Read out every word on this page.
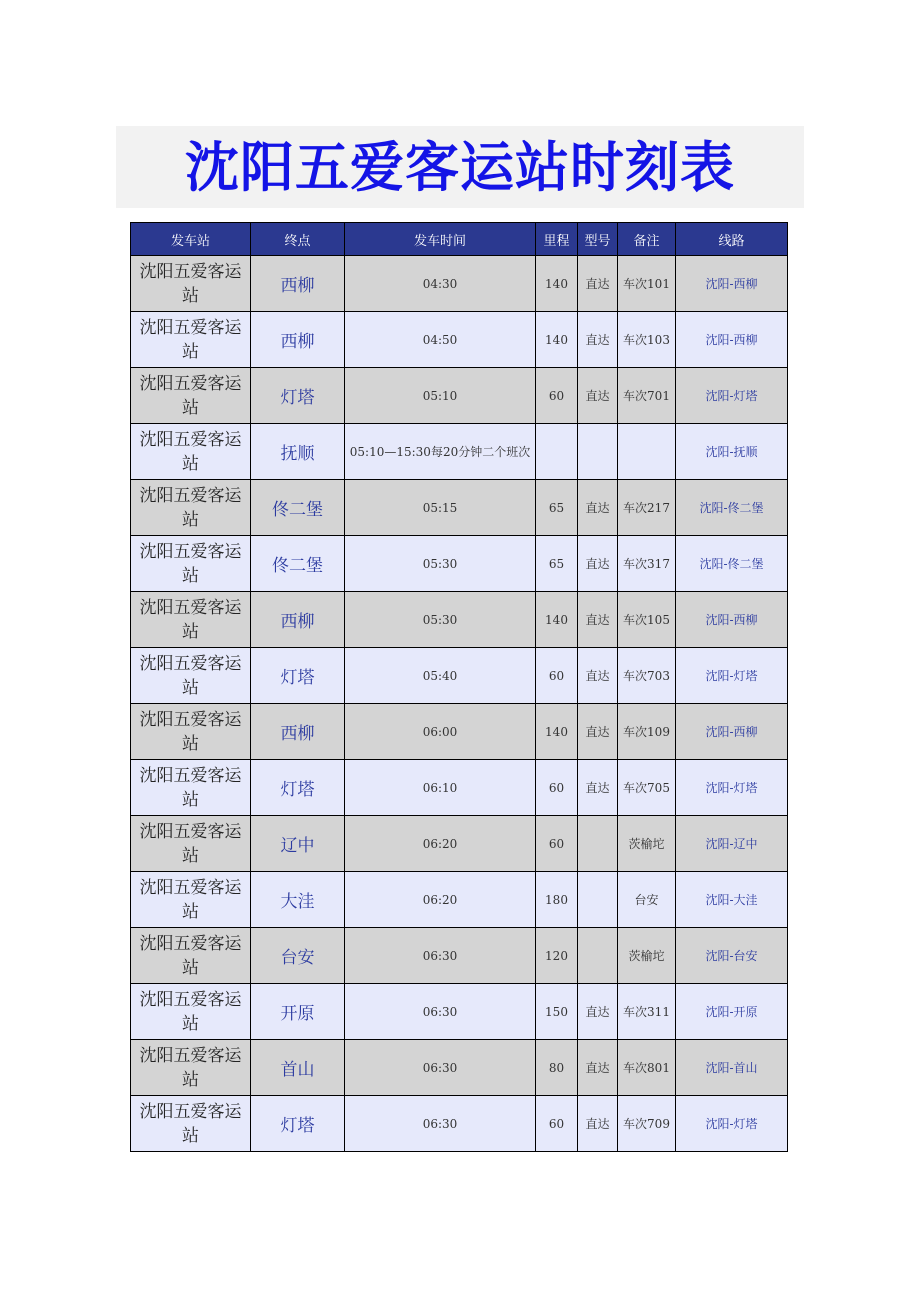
沈阳五爱客运站时刻表
发车站	终点	发车时间	里程	型号	备注	线路
沈阳五爱客运站	西柳	04:30	140	直达	车次101	沈阳-西柳
沈阳五爱客运站	西柳	04:50	140	直达	车次103	沈阳-西柳
沈阳五爱客运站	灯塔	05:10	60	直达	车次701	沈阳-灯塔
沈阳五爱客运站	抚顺	05:10—15:30每20分钟二个班次				沈阳-抚顺
沈阳五爱客运站	佟二堡	05:15	65	直达	车次217	沈阳-佟二堡
沈阳五爱客运站	佟二堡	05:30	65	直达	车次317	沈阳-佟二堡
沈阳五爱客运站	西柳	05:30	140	直达	车次105	沈阳-西柳
沈阳五爱客运站	灯塔	05:40	60	直达	车次703	沈阳-灯塔
沈阳五爱客运站	西柳	06:00	140	直达	车次109	沈阳-西柳
沈阳五爱客运站	灯塔	06:10	60	直达	车次705	沈阳-灯塔
沈阳五爱客运站	辽中	06:20	60		茨榆坨	沈阳-辽中
沈阳五爱客运站	大洼	06:20	180		台安	沈阳-大洼
沈阳五爱客运站	台安	06:30	120		茨榆坨	沈阳-台安
沈阳五爱客运站	开原	06:30	150	直达	车次311	沈阳-开原
沈阳五爱客运站	首山	06:30	80	直达	车次801	沈阳-首山
沈阳五爱客运站	灯塔	06:30	60	直达	车次709	沈阳-灯塔
